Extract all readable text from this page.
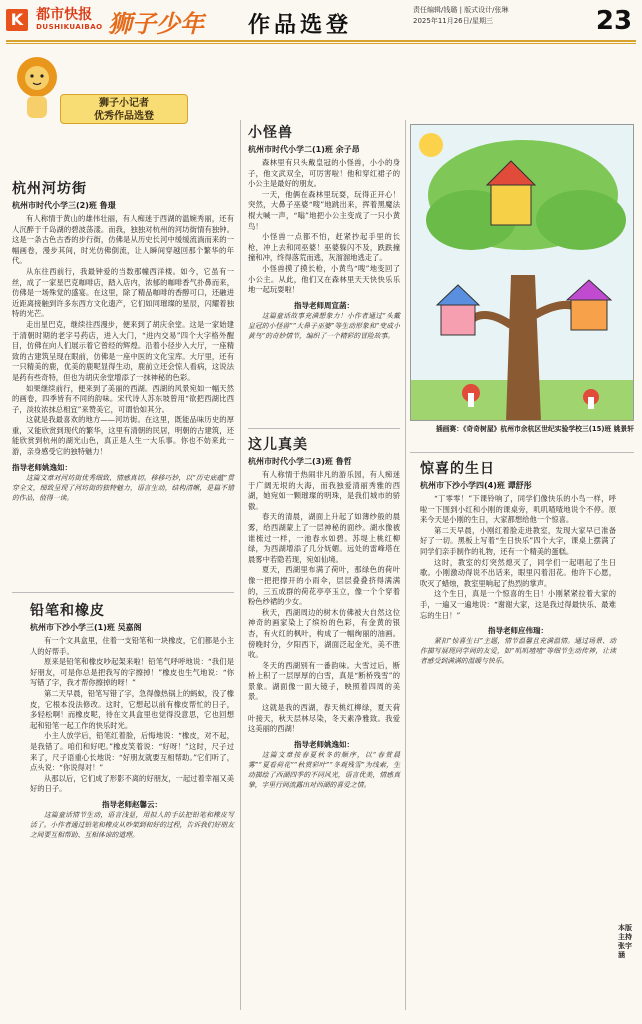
K 都市快报
DUSHIKUAIBAO 狮子少年 作品选登
责任编辑/钱璐 | 版式设计/张琳
2025年11月26日/星期三	23
狮子小记者
优秀作品选登
杭州河坊街
杭州市时代小学三(2)班 鲁璟

有人称情于黄山的雄伟壮丽，有人痴迷于西湖的温婉秀丽，还有人沉醉于千岛湖的碧波荡漾。而我，独独对杭州的河坊街情有独钟。这是一条古色古香的步行街，仿佛是从历史长河中缓缓流淌而来的一幅画卷，漫步其间，时光仿佛倒流，让人瞬间穿越回那个繁华的年代。

从东往西前行，我最钟爱的当数那幢西洋楼。如今，它虽有一丝，成了一家星巴克咖啡店，踏入店内，浓郁的咖啡香气扑鼻而来，仿佛是一场殊觉的盛宴。在这里，除了精品咖啡的香醇可口，还融进近距离接触到许多东西方文化遗产，它们如同璀璨的星辰，闪耀着独特的光芒。

走出星巴克，继续往西漫步，便来到了胡庆余堂。这是一家始建于清朝时期的老字号药店，进入大门，“进内交易”四个大字格外醒目，仿佛在向人们展示着它曾经的辉煌。沿着小径步入大厅，一座精致的古建筑呈现在眼前，仿佛是一座中医的文化宝库。大厅里，还有一只精美的鹿，优美的鹿呢显得生动，鹿前立还会惊人看病，这说法是药有些奇特，但也为胡庆余堂增添了一抹神秘的色彩。

如果继续前行，便来到了美丽的西湖。西湖的风景宛如一幅天然的画卷，四季皆有不同的韵味。宋代诗人苏东坡曾用“欲把西湖比西子，淡妆浓抹总相宜”来赞美它，可谓恰如其分。

这就是我最喜欢的地方——河坊街。在这里，既能品味历史的厚重，又能欣赏到现代的繁华，这里有清朝的民居，明朝的古建筑，还能欣赏到杭州的湖光山色，真正是人生一大乐事。你也不妨来此一游，亲身感受它的独特魅力！

指导老师姚逸如：
这篇文章对河坊街优秀细致、情感真切。移移巧妙，以“历史底蕴”贯穿全文，细致呈现了河坊街的独特魅力，语言生动，结构清晰，是篇不错的作品，值得一读。
铅笔和橡皮
杭州市下沙小学三(1)班 吴嘉阁

有一个文具盒里，住着一支铅笔和一块橡皮，它们都是小主人的好帮手。

原来是铅笔和橡皮吵起架来啦！铅笔气呼呼地说：“我们是好朋友，可是你总是把我写的字擦掉！”橡皮也生气地说：“你写错了字，我才帮你擦掉的呀！”

第二天早晨，铅笔写错了字，急得像热锅上的蚂蚁，没了橡皮，它根本没法修改。这时，它想起以前有橡皮帮忙的日子，多轻松啊！而橡皮呢，待在文具盒里也觉得没意思，它也回想起和铅笔一起工作的快乐时光。

小主人放学后，铅笔红着脸，后悔地说：“橡皮，对不起，是我错了。咱们和好吧。”橡皮笑着说：“好呀！”这时，尺子过来了，尺子语重心长地说：“好朋友就要互相帮助。”它们听了，点头说：“你说得对！”

从那以后，它们成了形影不离的好朋友，一起过着幸福又美好的日子。

指导老师赵馨云：
这篇童话情节生动，语言浅显，用拟人的手法把铅笔和橡皮写活了。小作者通过铅笔和橡皮从吵架到和好的过程，告诉我们好朋友之间要互相帮助、互相体谅的道理。
小怪兽
杭州市时代小学二(1)班 余子昂

森林里有只头戴皇冠的小怪兽，小小的身子，他文武双全，可厉害啦！他和穿红裙子的小公主是最好的朋友。

一天，他俩在森林里玩耍，玩得正开心！突然，大鼻子巫婆“嗖”地跳出来，挥着黑魔法棍大喊一声，“嗡”地把小公主变成了一只小黄鸟！

小怪兽一点都不怕，赶紧抄起手里的长枪，冲上去和同巫婆！巫婆躲闪不及，跌跌撞撞和冲，终得落荒而逃，灰溜溜地逃走了。

小怪兽摸了摸长枪，小黄鸟“嗖”地变回了小公主。从此，他们又在森林里天天快快乐乐地一起玩耍啦！

指导老师周宣菡：
这篇童话故事充满想象力！小作者通过“头戴皇冠的小怪兽”“大鼻子巫婆”等生动形象和“变成小黄鸟”的奇妙情节，编织了一个精彩的冒险故事。
这儿真美
杭州市时代小学二(3)班 鲁哲

有人称情于热闹非凡的游乐园，有人痴迷于广阔无垠的大海，而我独爱清丽秀雅的西湖，她宛如一颗璀璨的明珠，是我们城市的骄傲。

春天的清晨，湖面上升起了如薄纱般的晨雾，给西湖蒙上了一层神秘的面纱。湖水像被谁梳过一样，一池春水如碧。苏堤上桃红柳绿，为西湖增添了几分妩媚。远处的雷峰塔在晨雾中若隐若现，宛如仙境。

夏天，西湖里布满了荷叶，那绿色的荷叶像一把把撑开的小雨伞，层层叠叠挤得满满的，三五成群的荷花亭亭玉立，像一个个穿着粉色纱裙的少女。

秋天，西湖周边的树木仿佛被大自然这位神奇的画家染上了缤纷的色彩，有金黄的银杏，有火红的枫叶，构成了一幅绚丽的油画。傍晚时分，夕阳西下，湖面泛起金光，美不胜收。

冬天的西湖别有一番韵味。大雪过后，断桥上积了一层厚厚的白雪，真是“断桥残雪”的景象。湖面像一面大镜子，映照着四周的美景。

这就是我的西湖，春天桃红柳绿，夏天荷叶接天，秋天层林尽染，冬天素净雅致。我爱这美丽的西湖！

指导老师姚逸如：
这篇文章按春夏秋冬的顺序，以“春赏晨雾”“夏看荷花”“秋赏彩叶”“冬观残雪”为线索，生动描绘了西湖四季的不同风光，语言优美，情感真挚，字里行间流露出对西湖的喜爱之情。
插画赛：《奇奇树屋》杭州市余杭区世纪实验学校三(15)班 姚景轩
惊喜的生日
杭州市下沙小学四(4)班 谭舒彤

“丁零零！”下课铃响了，同学们像快乐的小鸟一样，呼啦一下围到小红和小刚的课桌旁，叽叽喳喳地说个不停。原来今天是小刚的生日，大家都想给他一个惊喜。

第二天早晨，小刚红着脸走进教室，发现大家早已准备好了一切。黑板上写着“生日快乐”四个大字，课桌上摆满了同学们亲手制作的礼物，还有一个精美的蛋糕。

这时，教室的灯突然熄灭了，同学们一起唱起了生日歌。小刚激动得说不出话来，眼里闪着泪花。他许下心愿，吹灭了蜡烛，教室里响起了热烈的掌声。

这个生日，真是一个惊喜的生日！小刚紧紧拉着大家的手，一遍又一遍地说：“谢谢大家，这是我过得最快乐、最难忘的生日！”

指导老师应伟瑞：
紧扣“惊喜生日”主题，情节温馨且充满温情。通过场景、动作描写展现同学间的友爱，如“叽叽喳喳”等细节生动传神，让读者感受到满满的温暖与快乐。
本版主持 张宇涵
